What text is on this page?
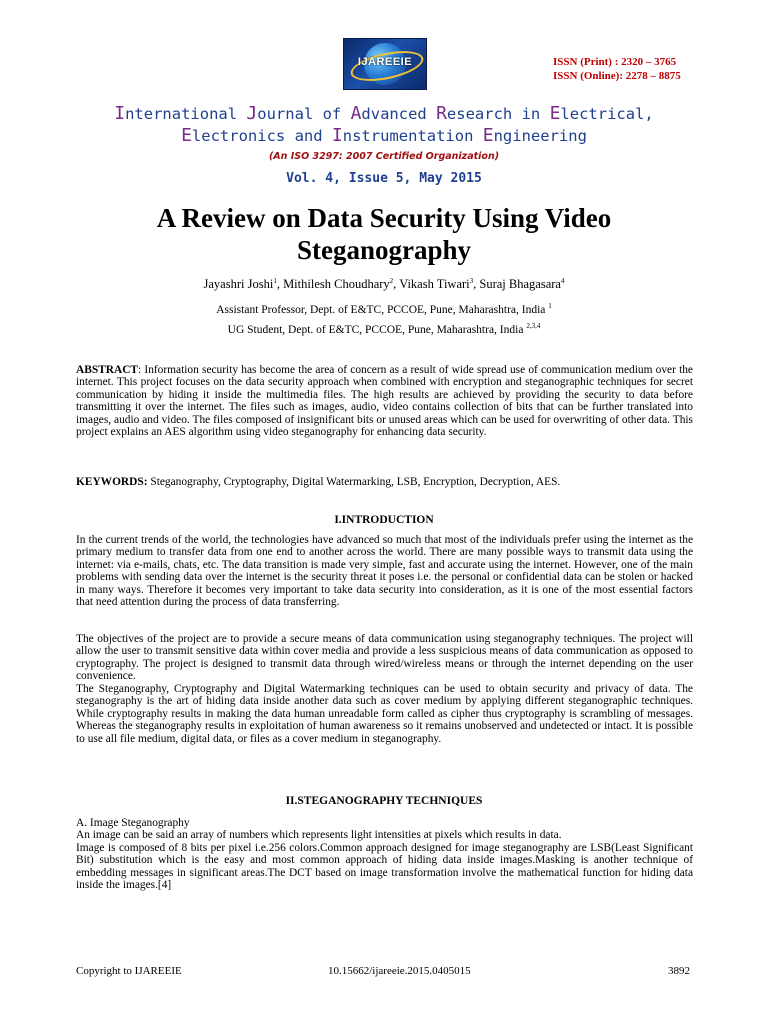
IJAREEIE	ISSN (Print) : 2320 – 3765
ISSN (Online): 2278 – 8875
International Journal of Advanced Research in Electrical,
Electronics and Instrumentation Engineering
(An ISO 3297: 2007 Certified Organization)
Vol. 4, Issue 5, May 2015
A Review on Data Security Using Video
Steganography
Jayashri Joshi$^1$, Mithilesh Choudhary$^2$, Vikash Tiwari$^3$, Suraj Bhagasara$^4$
Assistant Professor, Dept. of E&TC, PCCOE, Pune, Maharashtra, India $^1$
UG Student, Dept. of E&TC, PCCOE, Pune, Maharashtra, India $^{2,3,4}$
ABSTRACT: Information security has become the area of concern as a result of wide spread use of communication medium over the internet. This project focuses on the data security approach when combined with encryption and steganographic techniques for secret communication by hiding it inside the multimedia files. The high results are achieved by providing the security to data before transmitting it over the internet. The files such as images, audio, video contains collection of bits that can be further translated into images, audio and video. The files composed of insignificant bits or unused areas which can be used for overwriting of other data. This project explains an AES algorithm using video steganography for enhancing data security.
KEYWORDS: Steganography, Cryptography, Digital Watermarking, LSB, Encryption, Decryption, AES.
I.INTRODUCTION
In the current trends of the world, the technologies have advanced so much that most of the individuals prefer using the internet as the primary medium to transfer data from one end to another across the world. There are many possible ways to transmit data using the internet: via e-mails, chats, etc. The data transition is made very simple, fast and accurate using the internet. However, one of the main problems with sending data over the internet is the security threat it poses i.e. the personal or confidential data can be stolen or hacked in many ways. Therefore it becomes very important to take data security into consideration, as it is one of the most essential factors that need attention during the process of data transferring.
The objectives of the project are to provide a secure means of data communication using steganography techniques. The project will allow the user to transmit sensitive data within cover media and provide a less suspicious means of data communication as opposed to cryptography. The project is designed to transmit data through wired/wireless means or through the internet depending on the user convenience.
The Steganography, Cryptography and Digital Watermarking techniques can be used to obtain security and privacy of data. The steganography is the art of hiding data inside another data such as cover medium by applying different steganographic techniques. While cryptography results in making the data human unreadable form called as cipher thus cryptography is scrambling of messages. Whereas the steganography results in exploitation of human awareness so it remains unobserved and undetected or intact. It is possible to use all file medium, digital data, or files as a cover medium in steganography.
II.STEGANOGRAPHY TECHNIQUES
A. Image Steganography
An image can be said an array of numbers which represents light intensities at pixels which results in data.
Image is composed of 8 bits per pixel i.e.256 colors.Common approach designed for image steganography are LSB(Least Significant Bit) substitution which is the easy and most common approach of hiding data inside images.Masking is another technique of embedding messages in significant areas.The DCT based on image transformation involve the mathematical function for hiding data inside the images.[4]
Copyright to IJAREEIE	10.15662/ijareeie.2015.0405015	3892
